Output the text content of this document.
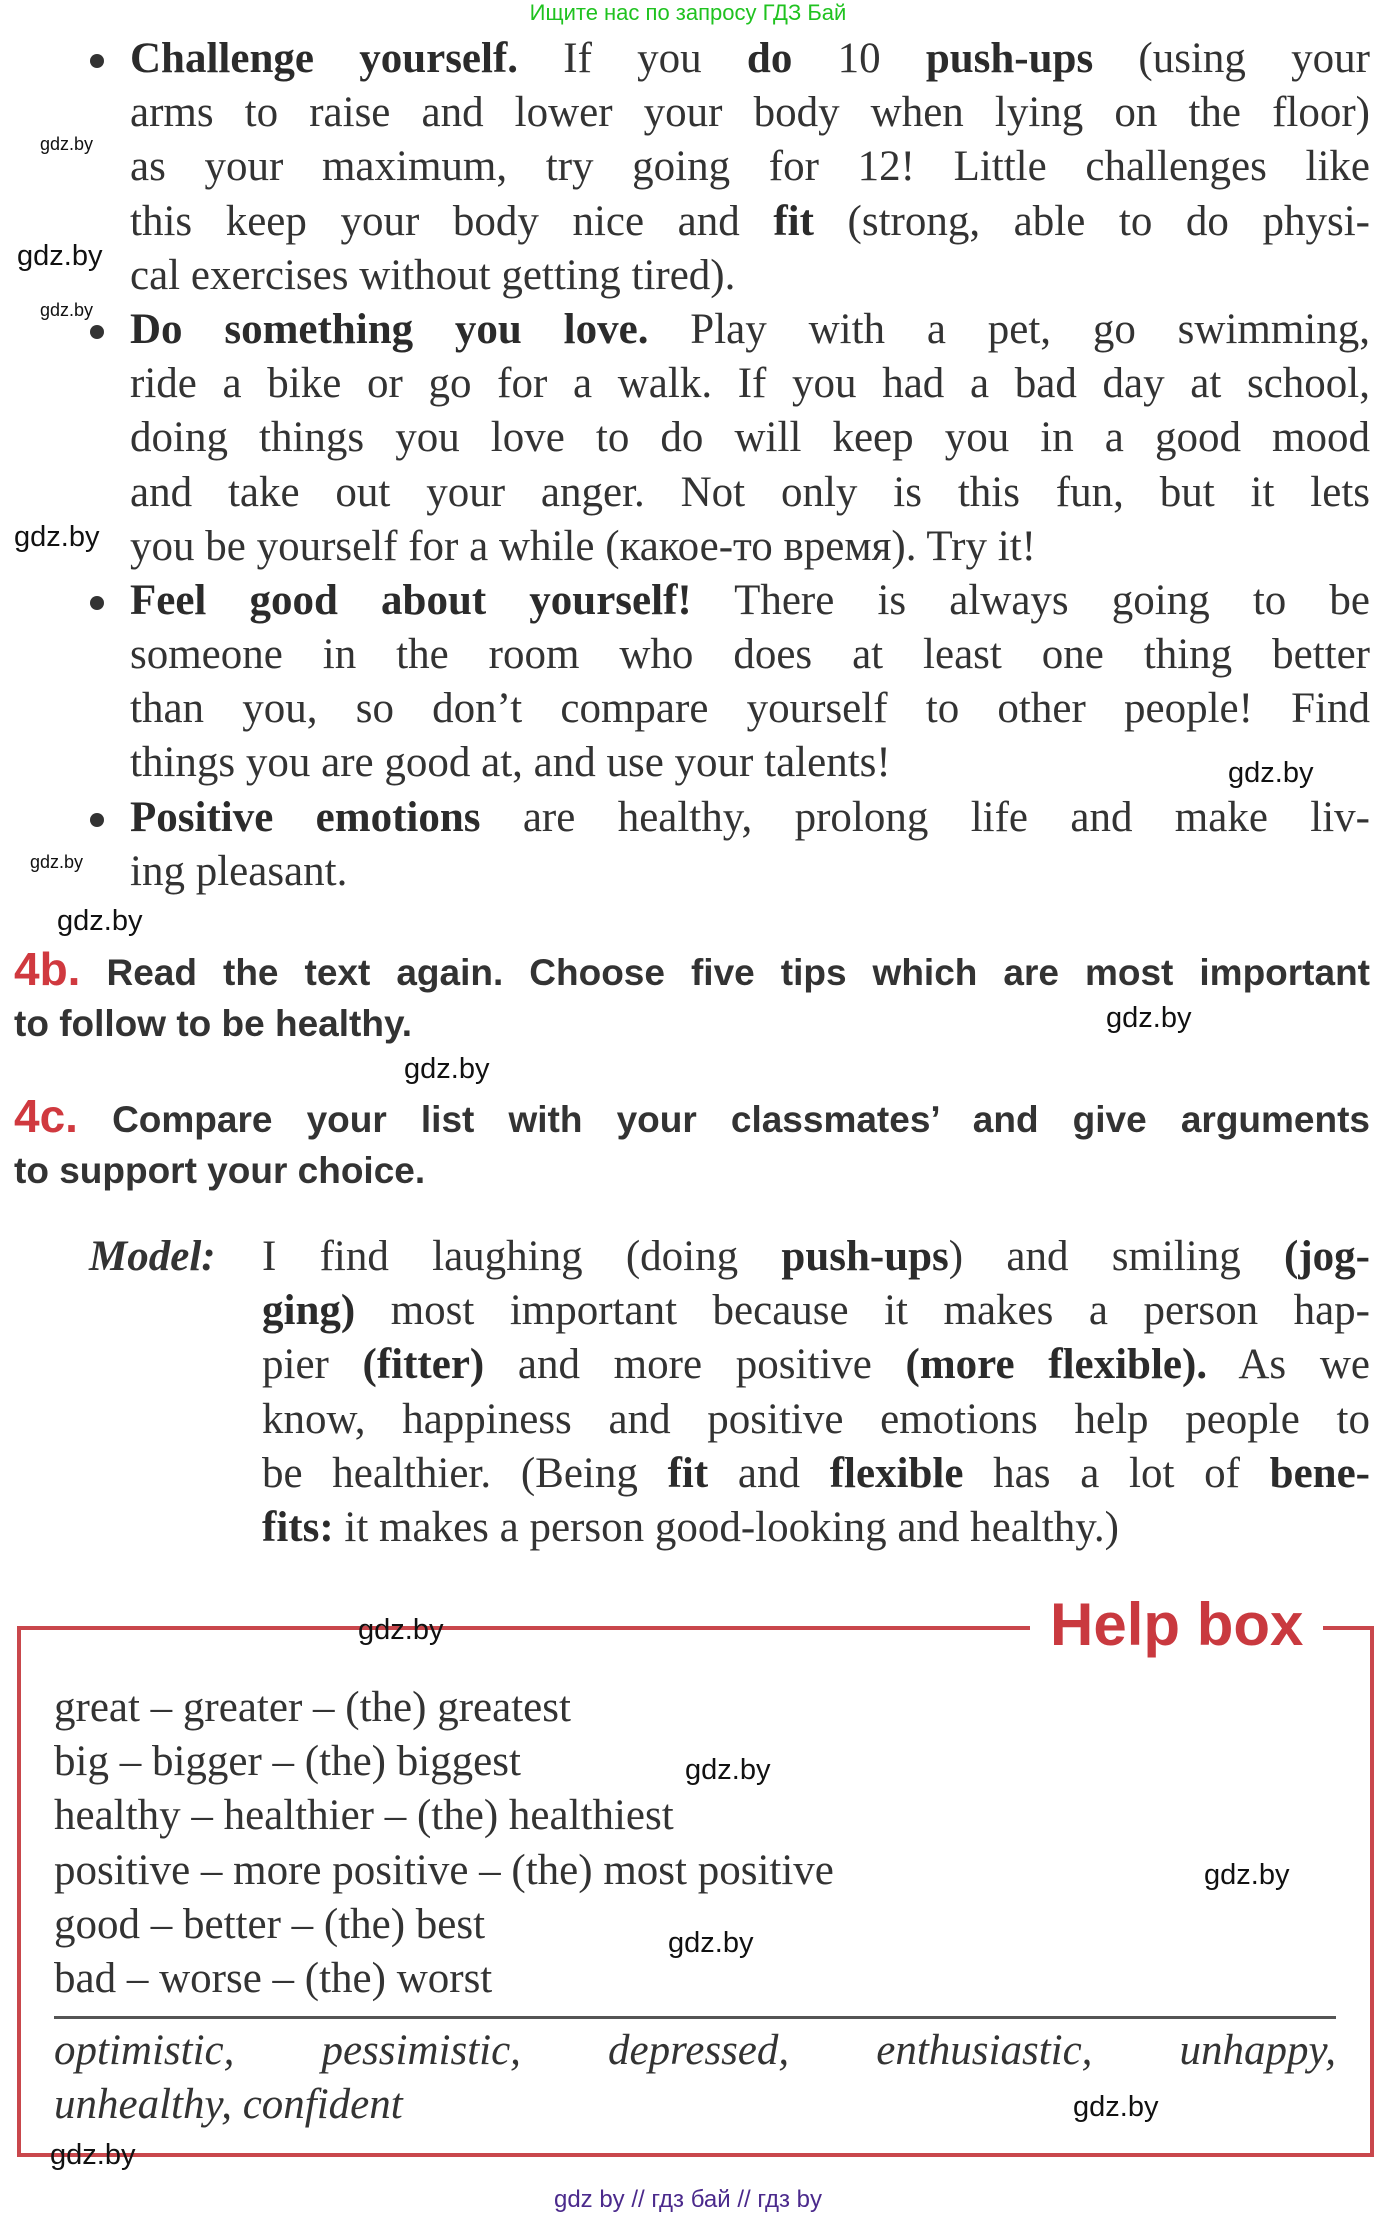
Ищите нас по запросу ГДЗ Бай
Challenge yourself. If you do 10 push-ups (using your
arms to raise and lower your body when lying on the floor)
as your maximum, try going for 12! Little challenges like
this keep your body nice and fit (strong, able to do physi-
cal exercises without getting tired).
Do something you love. Play with a pet, go swimming,
ride a bike or go for a walk. If you had a bad day at school,
doing things you love to do will keep you in a good mood
and take out your anger. Not only is this fun, but it lets
you be yourself for a while (какое-то время). Try it!
Feel good about yourself! There is always going to be
someone in the room who does at least one thing better
than you, so don’t compare yourself to other people! Find
things you are good at, and use your talents!
Positive emotions are healthy, prolong life and make liv-
ing pleasant.
4b. Read the text again. Choose five tips which are most important
to follow to be healthy.
4c. Compare your list with your classmates’ and give arguments
to support your choice.
Model: I find laughing (doing push-ups) and smiling (jog-
ging) most important because it makes a person hap-
pier (fitter) and more positive (more flexible). As we
know, happiness and positive emotions help people to
be healthier. (Being fit and flexible has a lot of bene-
fits: it makes a person good-looking and healthy.)
Help box
great – greater – (the) greatest
big – bigger – (the) biggest
healthy – healthier – (the) healthiest
positive – more positive – (the) most positive
good – better – (the) best
bad – worse – (the) worst
optimistic, pessimistic, depressed, enthusiastic, unhappy,
unhealthy, confident
gdz.by
gdz.by
gdz.by
gdz.by
gdz.by
gdz.by
gdz.by
gdz.by
gdz.by
gdz.by
gdz.by
gdz.by
gdz.by
gdz.by
gdz.by
gdz by // гдз бай // гдз by
